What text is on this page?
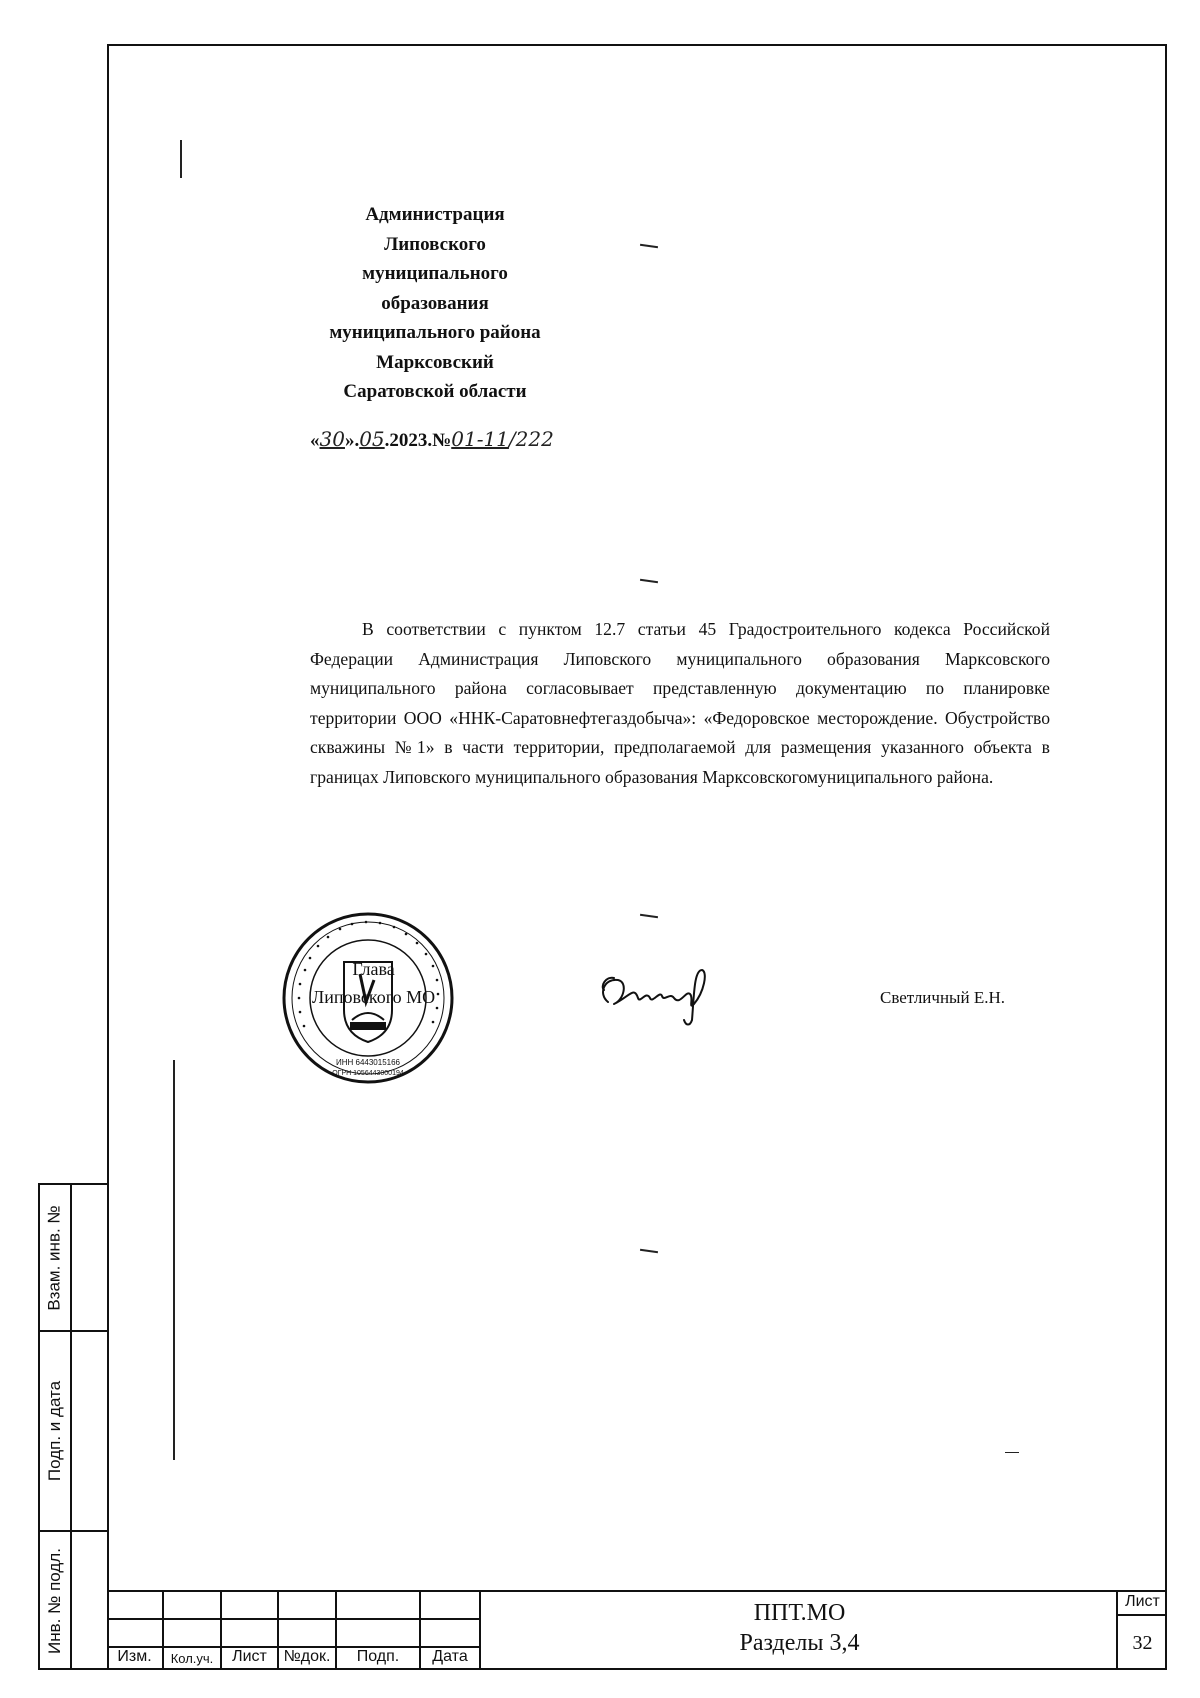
Администрация
Липовского
муниципального
образования
муниципального района
Марксовский
Саратовской области
«30».05.2023.№01-11/222

В соответствии с пунктом 12.7 статьи 45 Градостроительного кодекса Российской Федерации Администрация Липовского муниципального образования Марксовского муниципального района согласовывает представленную документацию по планировке территории ООО «ННК-Саратовнефтегаздобыча»: «Федоровское месторождение. Обустройство скважины №1» в части территории, предполагаемой для размещения указанного объекта в границах Липовского муниципального образования Марксовскогомуниципального района.

ИНН 6443015166
ОГРН 1056443000194
Глава
Липовского МО	Светличный Е.Н.
Взам. инв. №
Подп. и дата
Инв. № подл.
Изм.	Кол.уч.	Лист	№док.	Подп.	Дата
ППТ.МО
Разделы 3,4
Лист
32
